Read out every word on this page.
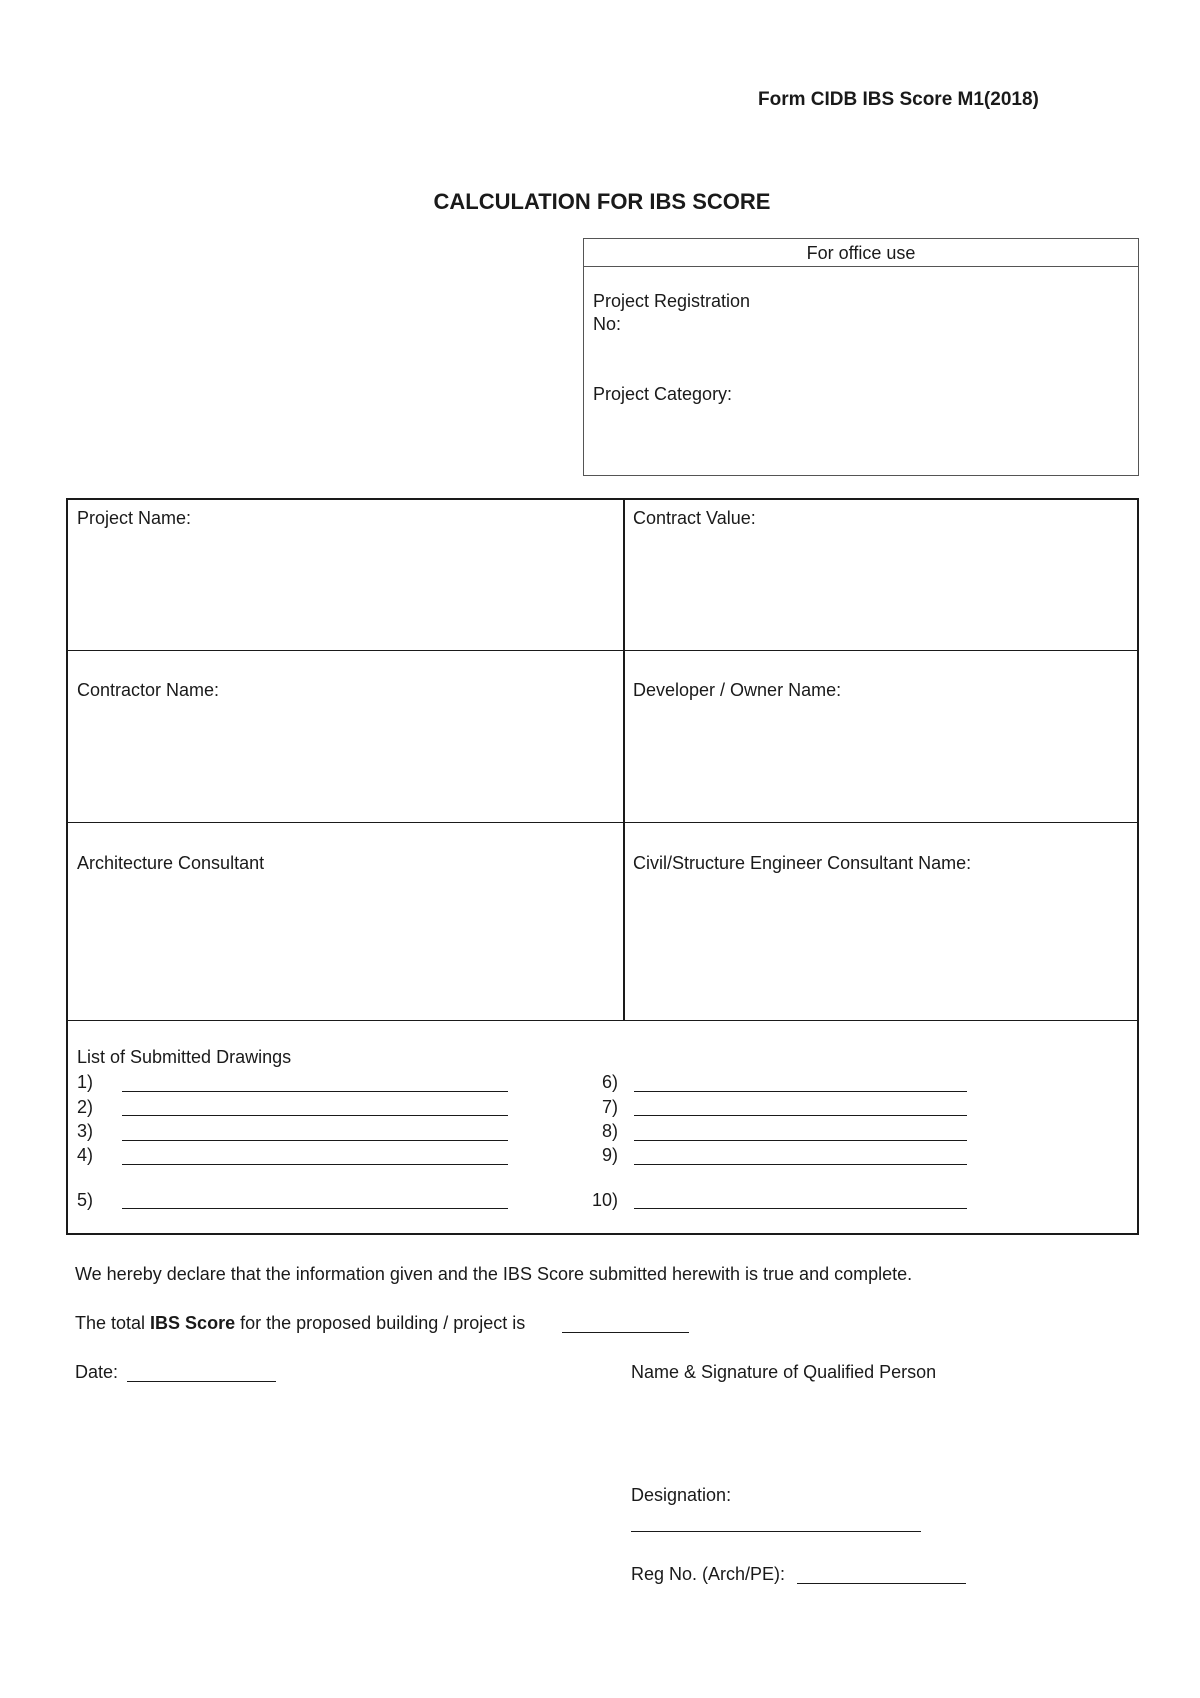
Form CIDB IBS Score M1(2018)
CALCULATION FOR IBS SCORE
For office use
Project Registration No:
Project Category:
Project Name:	Contract Value:
Contractor Name:	Developer / Owner Name:
Architecture Consultant	Civil/Structure Engineer Consultant Name:
List of Submitted Drawings
1)
2)
3)
4)
5)
6)
7)
8)
9)
10)
We hereby declare that the information given and the IBS Score submitted herewith is true and complete.
The total IBS Score for the proposed building / project is
Date:	Name & Signature of Qualified Person
Designation:
Reg No. (Arch/PE):
